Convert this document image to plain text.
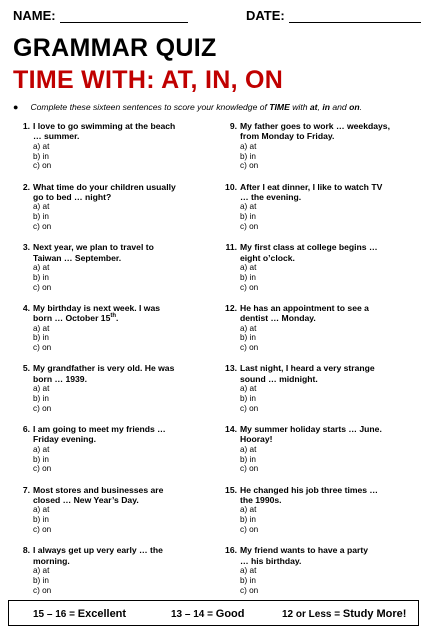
NAME:	DATE:
GRAMMAR QUIZ
TIME WITH: AT, IN, ON
● Complete these sixteen sentences to score your knowledge of TIME with at, in and on.
1. I love to go swimming at the beach
… summer.
a) at
b) in
c) on
2. What time do your children usually
go to bed … night?
a) at
b) in
c) on
3. Next year, we plan to travel to
Taiwan … September.
a) at
b) in
c) on
4. My birthday is next week. I was
born … October 15th.
a) at
b) in
c) on
5. My grandfather is very old. He was
born … 1939.
a) at
b) in
c) on
6. I am going to meet my friends …
Friday evening.
a) at
b) in
c) on
7. Most stores and businesses are
closed … New Year’s Day.
a) at
b) in
c) on
8. I always get up very early … the
morning.
a) at
b) in
c) on
9. My father goes to work … weekdays,
from Monday to Friday.
a) at
b) in
c) on
10. After I eat dinner, I like to watch TV
… the evening.
a) at
b) in
c) on
11. My first class at college begins …
eight o’clock.
a) at
b) in
c) on
12. He has an appointment to see a
dentist … Monday.
a) at
b) in
c) on
13. Last night, I heard a very strange
sound … midnight.
a) at
b) in
c) on
14. My summer holiday starts … June.
Hooray!
a) at
b) in
c) on
15. He changed his job three times …
the 1990s.
a) at
b) in
c) on
16. My friend wants to have a party
… his birthday.
a) at
b) in
c) on
15 – 16 = Excellent	13 – 14 = Good	12 or Less = Study More!
